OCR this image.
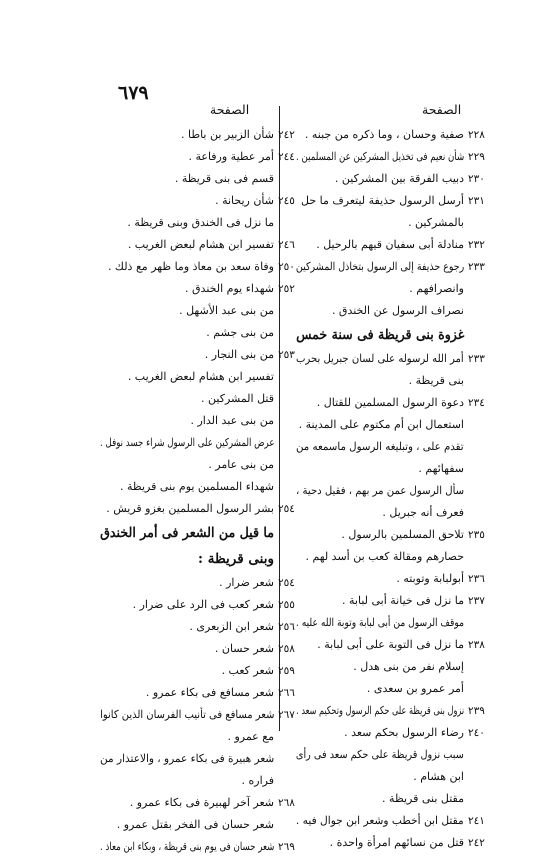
٦٧٩
الصفحة	الصفحة
٢٢٨
صفية وحسان ، وما ذكره من جبنه .
٢٢٩
شأن نعيم فى تخذيل المشركين عن المسلمين .
٢٣٠
دبيب الفرقة بين المشركين .
٢٣١
أرسل الرسول حذيفة ليتعرف ما حل
بالمشركين .
٢٣٢
منادلة أبى سفيان قيهم بالرحيل .
٢٣٣
رجوع حذيفة إلى الرسول بتخاذل المشركين
وانصرافهم .
نصراف الرسول عن الخندق .
غزوة بنى قريظة فى سنة خمس
٢٣٣
أمر الله لرسوله على لسان جبريل بحرب
بنى قريظة .
٢٣٤
دعوة الرسول المسلمين للقتال .
استعمال ابن أم مكتوم على المدينة .
تقدم على ، وتبليغه الرسول ماسمعه من
سفهائهم .
سأل الرسول عمن مر بهم ، فقيل دحية ،
فعرف أنه جبريل .
٢٣٥
تلاحق المسلمين بالرسول .
حصارهم ومقالة كعب بن أسد لهم .
٢٣٦
أبولبابة وتوبته .
٢٣٧
ما نزل فى خيانة أبى لبابة .
موقف الرسول من أبى لبابة وتوبة الله عليه .
٢٣٨
ما نزل فى التوبة على أبى لبابة .
إسلام نفر من بنى هدل .
أمر عمرو بن سعدى .
٢٣٩
نزول بنى قريظة على حكم الرسول وتحكيم سعد .
٢٤٠
رضاء الرسول بحكم سعد .
سبب نزول قريظة على حكم سعد فى رأى
ابن هشام .
مقتل بنى قريظة .
٢٤١
مقتل ابن أخطب وشعر ابن جوال فيه .
٢٤٢
قتل من نسائهم امرأة واحدة .
٢٤٢
شأن الزبير بن باطا .
٢٤٤
أمر عطية ورفاعة .
قسم فى بنى قريظة .
٢٤٥
شأن ريحانة .
ما نزل فى الخندق وبنى قريظة .
٢٤٦
تفسير ابن هشام لبعض الغريب .
٢٥٠
وفاة سعد بن معاذ وما ظهر مع ذلك .
٢٥٢
شهداء يوم الخندق .
من بنى عبد الأشهل .
من بنى جشم .
٢٥٣
من بنى النجار .
تفسير ابن هشام لبعض الغريب .
قتل المشركين .
من بنى عبد الدار .
عرض المشركين على الرسول شراء جسد نوفل .
من بنى عامر .
شهداء المسلمين يوم بنى قريظة .
٢٥٤
بشر الرسول المسلمين بغزو قريش .
ما قيل من الشعر فى أمر الخندق
وبنى قريظة :
٢٥٤
شعر ضرار .
٢٥٥
شعر كعب فى الرد على ضرار .
٢٥٦
شعر ابن الزبعرى .
٢٥٨
شعر حسان .
٢٥٩
شعر كعب .
٢٦٦
شعر مسافع فى بكاء عمرو .
٢٦٧
شعر مسافع فى تأنيب الفرسان الذين كانوا
مع عمرو .
شعر هبيرة فى بكاء عمرو ، والاعتذار من
فراره .
٢٦٨
شعر آخر لهبيرة فى بكاء عمرو .
شعر حسان فى الفخر بقتل عمرو .
٢٦٩
شعر حسان فى يوم بنى قريظة ، وبكاء ابن معاذ .
